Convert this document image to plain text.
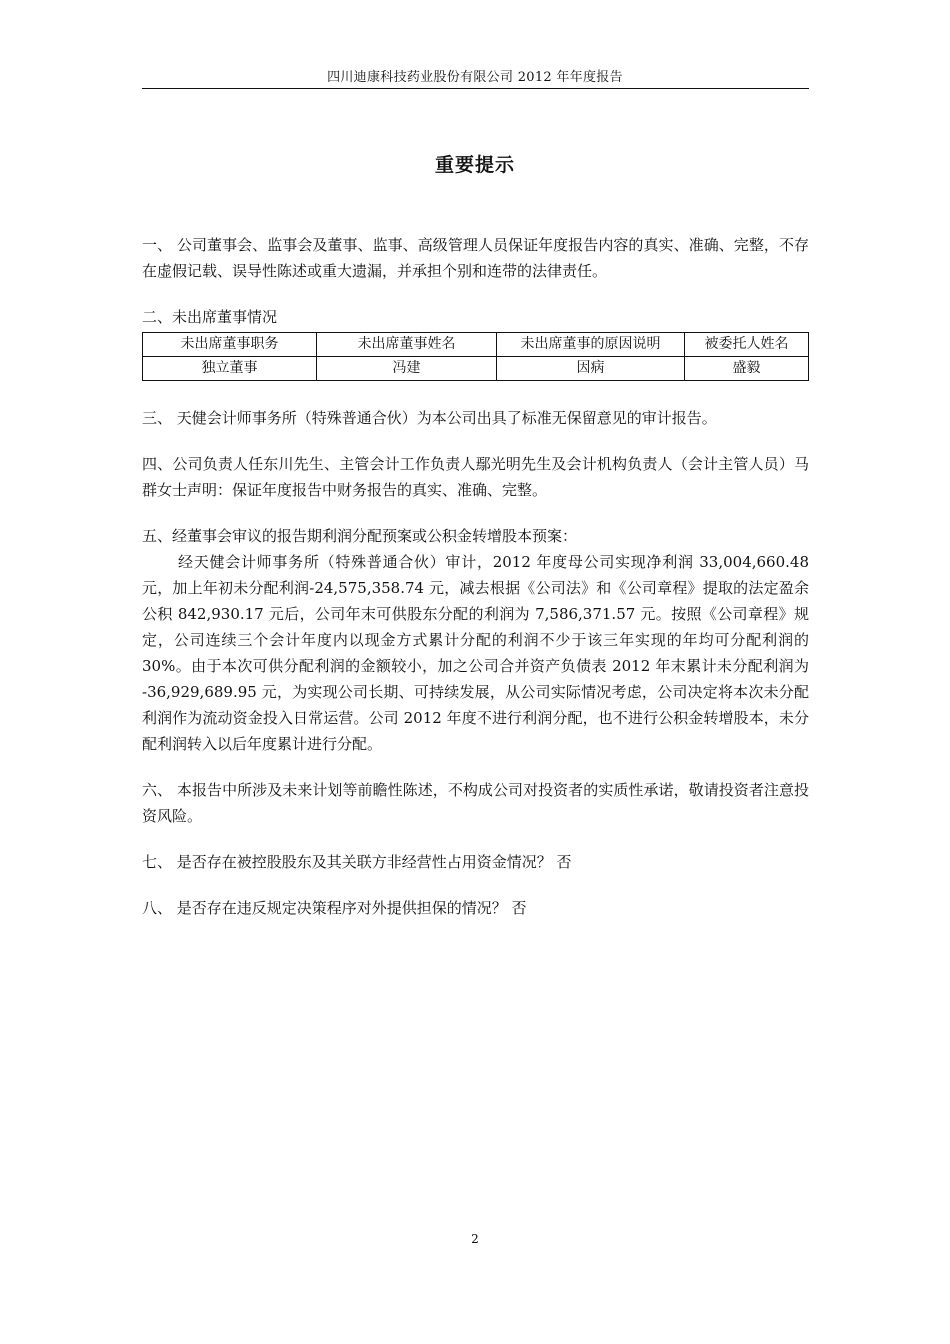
四川迪康科技药业股份有限公司 2012 年年度报告
重要提示

一、 公司董事会、监事会及董事、监事、高级管理人员保证年度报告内容的真实、准确、完整，不存在虚假记载、误导性陈述或重大遗漏，并承担个别和连带的法律责任。

二、未出席董事情况

未出席董事职务	未出席董事姓名	未出席董事的原因说明	被委托人姓名
独立董事	冯建	因病	盛毅

三、 天健会计师事务所（特殊普通合伙）为本公司出具了标准无保留意见的审计报告。

四、公司负责人任东川先生、主管会计工作负责人鄢光明先生及会计机构负责人（会计主管人员）马群女士声明：保证年度报告中财务报告的真实、准确、完整。

五、经董事会审议的报告期利润分配预案或公积金转增股本预案：

经天健会计师事务所（特殊普通合伙）审计，2012 年度母公司实现净利润 33,004,660.48 元，加上年初未分配利润-24,575,358.74 元，减去根据《公司法》和《公司章程》提取的法定盈余公积 842,930.17 元后，公司年末可供股东分配的利润为 7,586,371.57 元。按照《公司章程》规定，公司连续三个会计年度内以现金方式累计分配的利润不少于该三年实现的年均可分配利润的 30%。由于本次可供分配利润的金额较小，加之公司合并资产负债表 2012 年末累计未分配利润为 -36,929,689.95 元，为实现公司长期、可持续发展，从公司实际情况考虑，公司决定将本次未分配利润作为流动资金投入日常运营。公司 2012 年度不进行利润分配，也不进行公积金转增股本，未分配利润转入以后年度累计进行分配。

六、 本报告中所涉及未来计划等前瞻性陈述，不构成公司对投资者的实质性承诺，敬请投资者注意投资风险。

七、 是否存在被控股股东及其关联方非经营性占用资金情况？ 否

八、 是否存在违反规定决策程序对外提供担保的情况？ 否

2
